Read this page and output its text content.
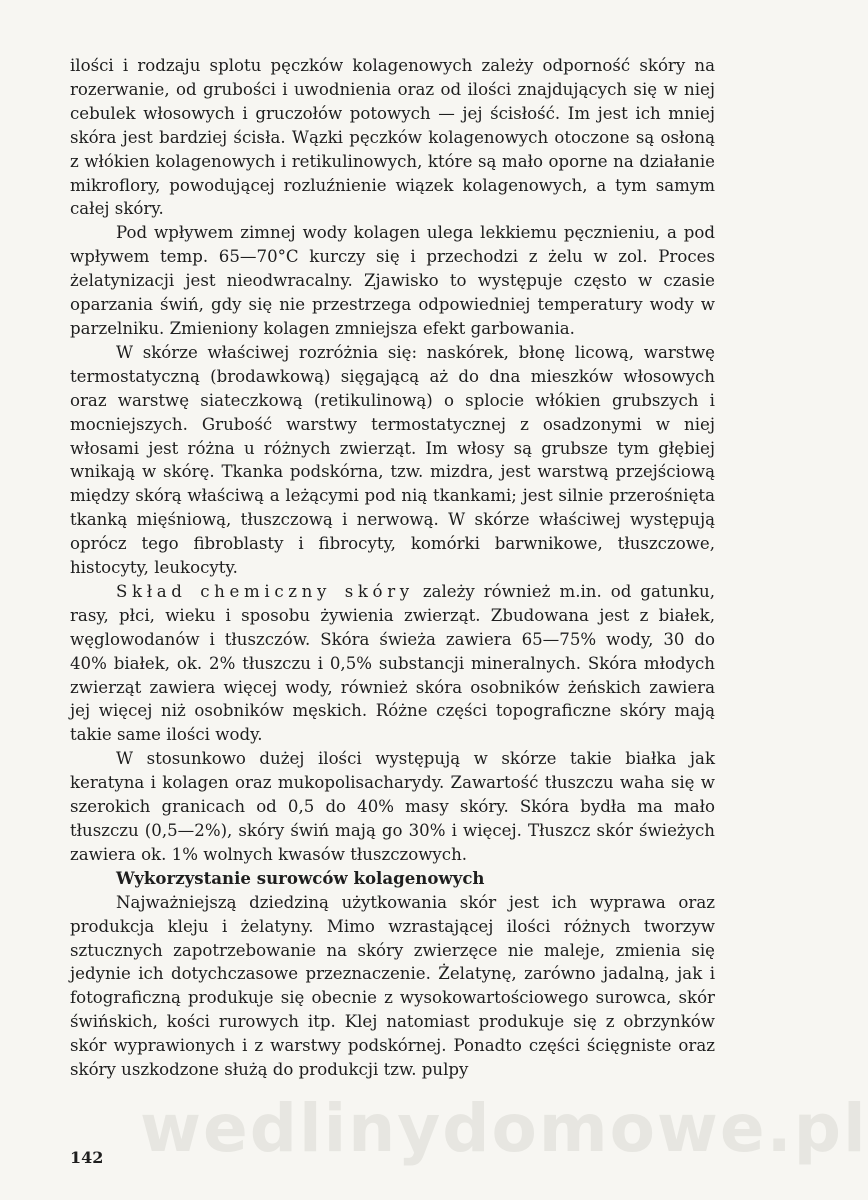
ilości i rodzaju splotu pęczków kolagenowych zależy odporność skóry na rozerwanie, od grubości i uwodnienia oraz od ilości znajdujących się w niej cebulek włosowych i gruczołów potowych — jej ścisłość. Im jest ich mniej skóra jest bardziej ścisła. Wązki pęczków kolagenowych otoczone są osłoną z włókien kolagenowych i retikulinowych, które są mało oporne na działanie mikroflory, powodującej rozluźnienie wiązek kolagenowych, a tym samym całej skóry.

Pod wpływem zimnej wody kolagen ulega lekkiemu pęcznieniu, a pod wpływem temp. 65—70°C kurczy się i przechodzi z żelu w zol. Proces żelatynizacji jest nieodwracalny. Zjawisko to występuje często w czasie oparzania świń, gdy się nie przestrzega odpowiedniej temperatury wody w parzelniku. Zmieniony kolagen zmniejsza efekt garbowania.

W skórze właściwej rozróżnia się: naskórek, błonę licową, warstwę termostatyczną (brodawkową) sięgającą aż do dna mieszków włosowych oraz warstwę siateczkową (retikulinową) o splocie włókien grubszych i mocniejszych. Grubość warstwy termostatycznej z osadzonymi w niej włosami jest różna u różnych zwierząt. Im włosy są grubsze tym głębiej wnikają w skórę. Tkanka podskórna, tzw. mizdra, jest warstwą przejściową między skórą właściwą a leżącymi pod nią tkankami; jest silnie przerośnięta tkanką mięśniową, tłuszczową i nerwową. W skórze właściwej występują oprócz tego fibroblasty i fibrocyty, komórki barwnikowe, tłuszczowe, histocyty, leukocyty.

Skład chemiczny skóry zależy również m.in. od gatunku, rasy, płci, wieku i sposobu żywienia zwierząt. Zbudowana jest z białek, węglowodanów i tłuszczów. Skóra świeża zawiera 65—75% wody, 30 do 40% białek, ok. 2% tłuszczu i 0,5% substancji mineralnych. Skóra młodych zwierząt zawiera więcej wody, również skóra osobników żeńskich zawiera jej więcej niż osobników męskich. Różne części topograficzne skóry mają takie same ilości wody.

W stosunkowo dużej ilości występują w skórze takie białka jak keratyna i kolagen oraz mukopolisacharydy. Zawartość tłuszczu waha się w szerokich granicach od 0,5 do 40% masy skóry. Skóra bydła ma mało tłuszczu (0,5—2%), skóry świń mają go 30% i więcej. Tłuszcz skór świeżych zawiera ok. 1% wolnych kwasów tłuszczowych.

Wykorzystanie surowców kolagenowych

Najważniejszą dziedziną użytkowania skór jest ich wyprawa oraz produkcja kleju i żelatyny. Mimo wzrastającej ilości różnych tworzyw sztucznych zapotrzebowanie na skóry zwierzęce nie maleje, zmienia się jedynie ich dotychczasowe przeznaczenie. Żelatynę, zarówno jadalną, jak i fotograficzną produkuje się obecnie z wysokowartościowego surowca, skór świńskich, kości rurowych itp. Klej natomiast produkuje się z obrzynków skór wyprawionych i z warstwy podskórnej. Ponadto części ścięgniste oraz skóry uszkodzone służą do produkcji tzw. pulpy

wedlinydomowe.pl
142
